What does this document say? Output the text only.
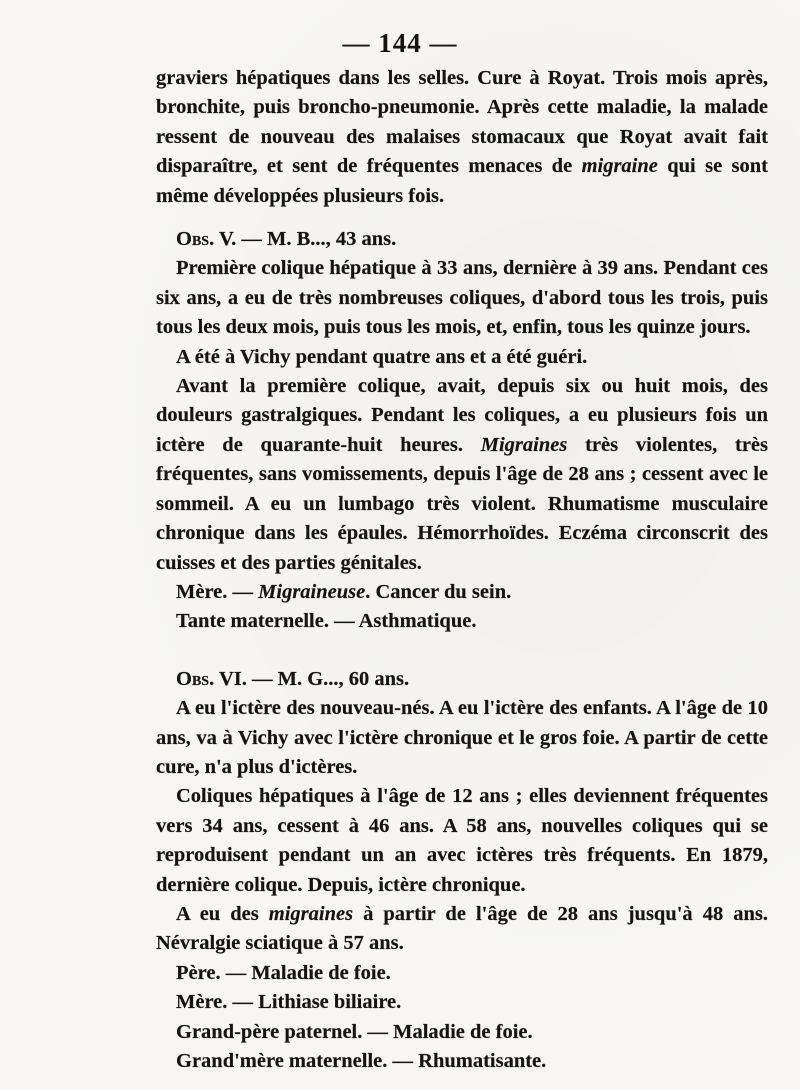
— 144 —

graviers hépatiques dans les selles. Cure à Royat. Trois mois après, bronchite, puis broncho-pneumonie. Après cette maladie, la malade ressent de nouveau des malaises stomacaux que Royat avait fait disparaître, et sent de fréquentes menaces de migraine qui se sont même développées plusieurs fois.

Obs. V. — M. B..., 43 ans.

Première colique hépatique à 33 ans, dernière à 39 ans. Pendant ces six ans, a eu de très nombreuses coliques, d'abord tous les trois, puis tous les deux mois, puis tous les mois, et, enfin, tous les quinze jours.

A été à Vichy pendant quatre ans et a été guéri.

Avant la première colique, avait, depuis six ou huit mois, des douleurs gastralgiques. Pendant les coliques, a eu plusieurs fois un ictère de quarante-huit heures. Migraines très violentes, très fréquentes, sans vomissements, depuis l'âge de 28 ans ; cessent avec le sommeil. A eu un lumbago très violent. Rhumatisme musculaire chronique dans les épaules. Hémorrhoïdes. Eczéma circonscrit des cuisses et des parties génitales.

Mère. — Migraineuse. Cancer du sein.

Tante maternelle. — Asthmatique.

Obs. VI. — M. G..., 60 ans.

A eu l'ictère des nouveau-nés. A eu l'ictère des enfants. A l'âge de 10 ans, va à Vichy avec l'ictère chronique et le gros foie. A partir de cette cure, n'a plus d'ictères.

Coliques hépatiques à l'âge de 12 ans ; elles deviennent fréquentes vers 34 ans, cessent à 46 ans. A 58 ans, nouvelles coliques qui se reproduisent pendant un an avec ictères très fréquents. En 1879, dernière colique. Depuis, ictère chronique.

A eu des migraines à partir de l'âge de 28 ans jusqu'à 48 ans. Névralgie sciatique à 57 ans.

Père. — Maladie de foie.

Mère. — Lithiase biliaire.

Grand-père paternel. — Maladie de foie.

Grand'mère maternelle. — Rhumatisante.
